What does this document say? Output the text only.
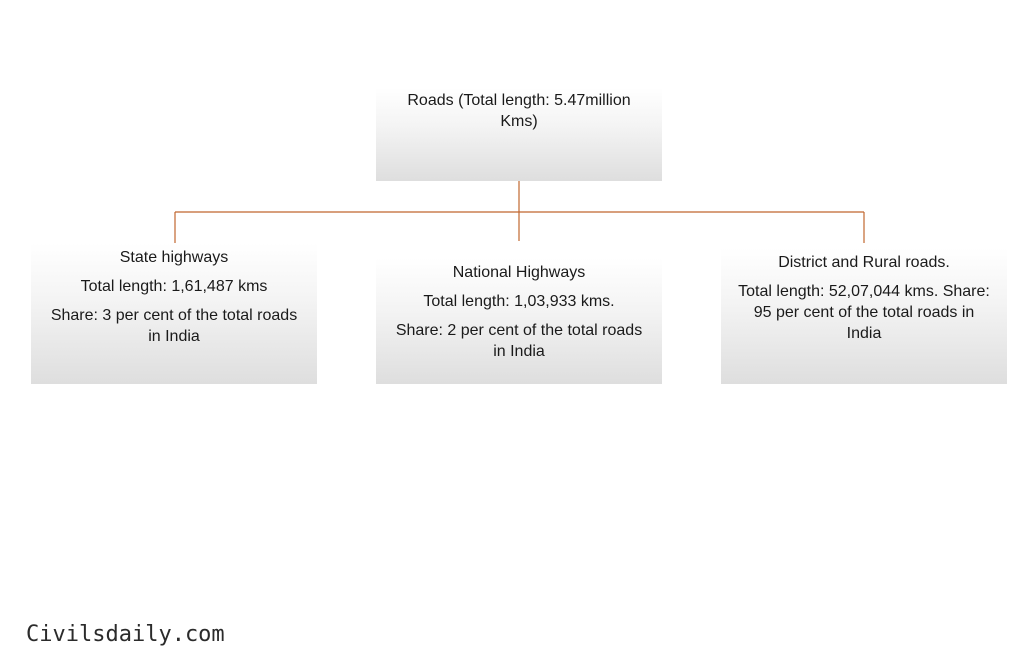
Roads (Total length: 5.47million
Kms)
State highways
Total length: 1,61,487 kms
Share: 3 per cent of the total roads
in India
National Highways
Total length: 1,03,933 kms.
Share: 2 per cent of the total roads
in India
District and Rural roads.
Total length: 52,07,044 kms. Share:
95 per cent of the total roads in
India
Civilsdaily.com
